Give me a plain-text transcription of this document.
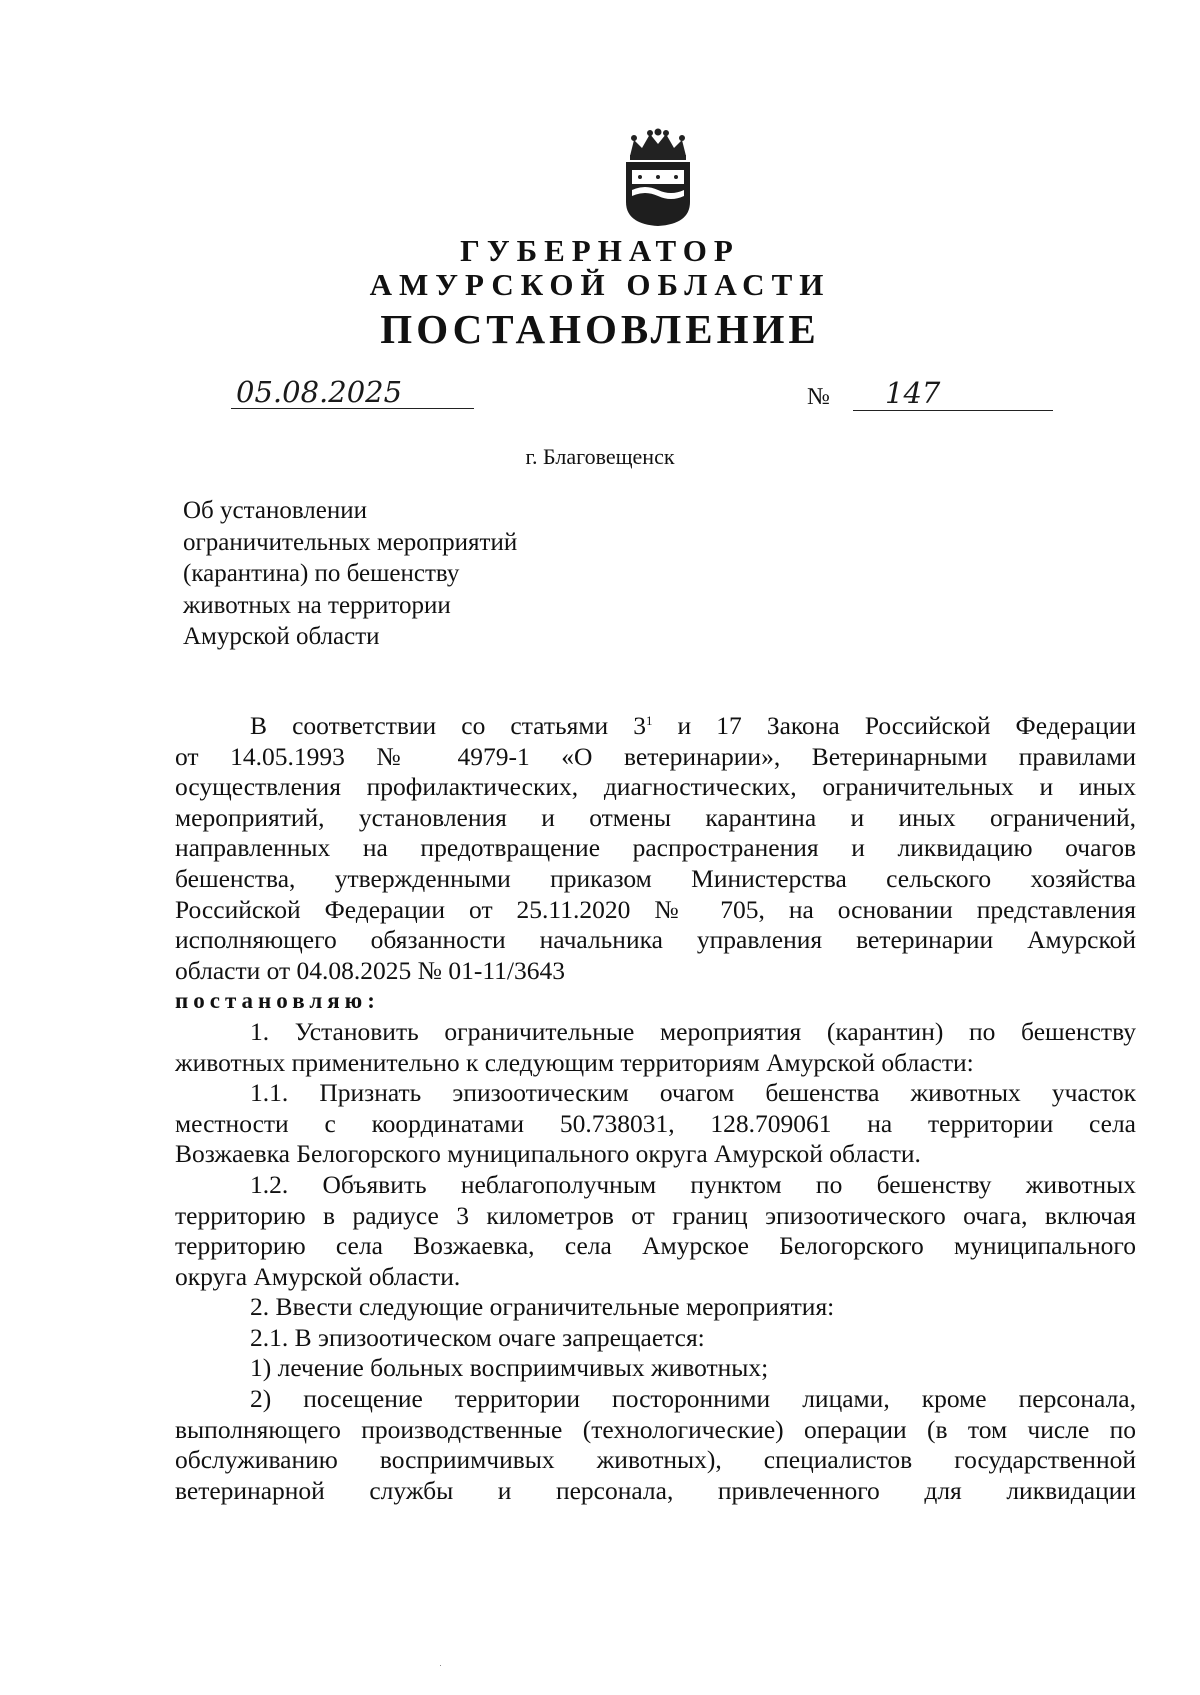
ГУБЕРНАТОР
АМУРСКОЙ ОБЛАСТИ
ПОСТАНОВЛЕНИЕ
05.08.2025	№ 147
г. Благовещенск
Об установлении
ограничительных мероприятий
(карантина) по бешенству
животных на территории
Амурской области
В соответствии со статьями $3^1$ и 17 Закона Российской Федерации
от 14.05.1993 № 4979-1 «О ветеринарии», Ветеринарными правилами
осуществления профилактических, диагностических, ограничительных и иных
мероприятий, установления и отмены карантина и иных ограничений,
направленных на предотвращение распространения и ликвидацию очагов
бешенства, утвержденными приказом Министерства сельского хозяйства
Российской Федерации от 25.11.2020 № 705, на основании представления
исполняющего обязанности начальника управления ветеринарии Амурской
области от 04.08.2025 № 01-11/3643
постановляю:
1. Установить ограничительные мероприятия (карантин) по бешенству
животных применительно к следующим территориям Амурской области:
1.1. Признать эпизоотическим очагом бешенства животных участок
местности с координатами 50.738031, 128.709061 на территории села
Возжаевка Белогорского муниципального округа Амурской области.
1.2. Объявить неблагополучным пунктом по бешенству животных
территорию в радиусе 3 километров от границ эпизоотического очага, включая
территорию села Возжаевка, села Амурское Белогорского муниципального
округа Амурской области.
2. Ввести следующие ограничительные мероприятия:
2.1. В эпизоотическом очаге запрещается:
1) лечение больных восприимчивых животных;
2) посещение территории посторонними лицами, кроме персонала,
выполняющего производственные (технологические) операции (в том числе по
обслуживанию восприимчивых животных), специалистов государственной
ветеринарной службы и персонала, привлеченного для ликвидации
